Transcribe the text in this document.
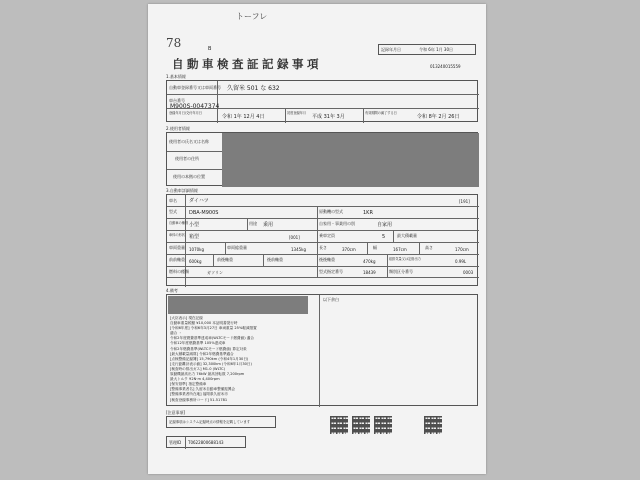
78
トーフレ
B	記録年月日	令和 6年 1月 30日
自動車検査証記録事項	013240015559
1.基本情報
自動車登録番号又は車両番号 久留米 501 な 632
車台番号
M900S-0047374
登録年月日/交付年月日
令和 1年 12月 4日
初度登録年月
平成 31年 3月
有効期間の満了する日
令和 8年 2月 26日
2.使用者情報
使用者の氏名又は名称
使用者の住所
使用の本拠の位置
3.自動車詳細情報
車名 ダイハツ	[191]
型式 DBA-M900S	原動機の型式	1KR
自動車の種別 小型	用途 乗用	自家用・事業用の別	自家用
車体の形状 箱型	[001]	乗車定員	5	最大積載量
車両重量 1070kg	車両総重量	1345kg	長さ	370cm	幅	167cm	高さ	170cm
前前軸重 600kg	前後軸重	後前軸重	後後軸重	470kg	総排気量又は定格出力	0.99L
燃料の種類	ガソリン	型式指定番号	18439	類別区分番号	0003
4.備考
以下余白
[大臣表示] 現在記録
自動車重量税額 ¥10,000 本証明書発行時
[令和6年度] 令和6年3月27日 車両重量 25%軽減措置
適合 ・
令和2年度燃費基準達成車(WLTCモード燃費値) 適合
令和12年度燃費基準 105%達成車
令和2年燃費基準(WLTCモード燃費値) 算定対象
[最大積載量減算] 令和2年燃費基準適合
[点検整備記録簿] 15,790km (令和4年1月30日)
[走行距離計表示値] 32,300km (令和6年1月30日)
[検査時の排出ガス] M1.0 (WLTC)
原動機最高出力 76kW 最高回転数 7,200rpm
最大トルク 92N·m 4,400rpm
[保安基準] 指定整備車
[整備事業者名] 久留米自動車整備振興会
[整備事業者所在地] 福岡県久留米市
[検査登録事務所コード] 51-51781
[注意事項]
記録事項はシステム記録時点の情報を記載しています
管理ID T0622800688143
